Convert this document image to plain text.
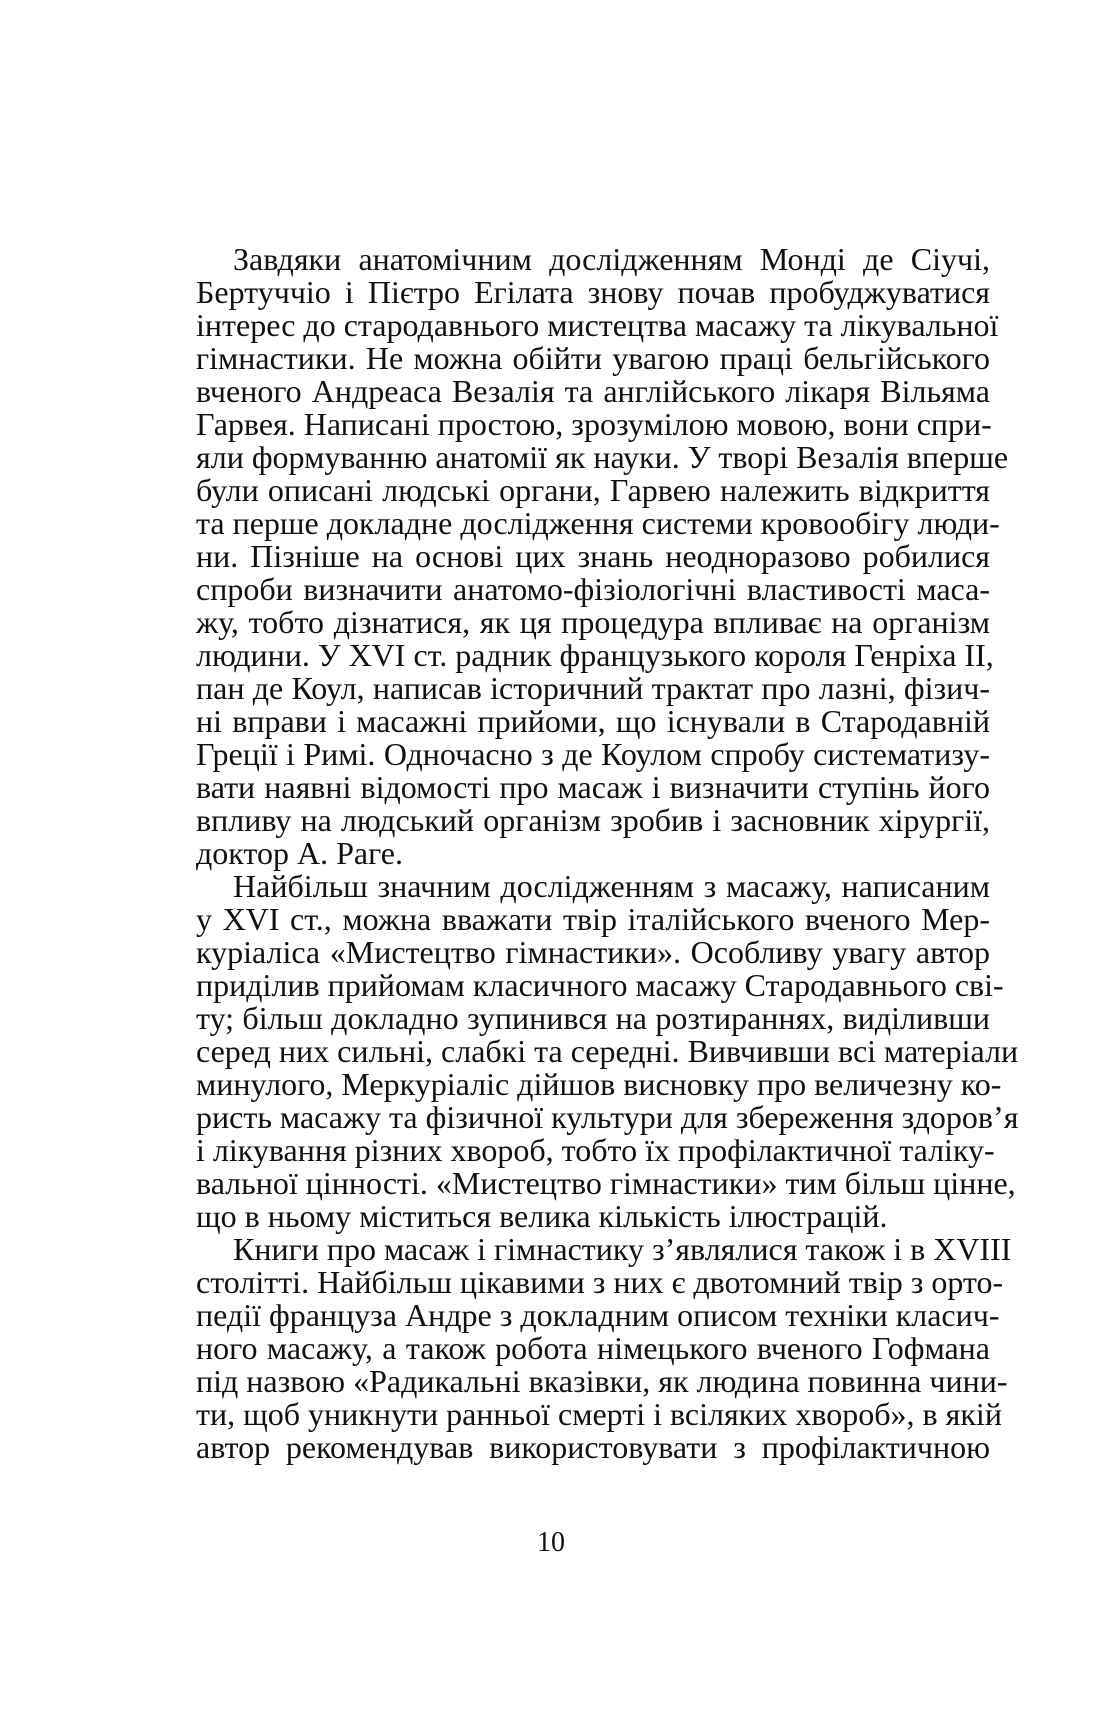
Завдяки анатомічним дослідженням Монді де Сіучі,
Бертуччіо і Пієтро Егілата знову почав пробуджуватися
інтерес до стародавнього мистецтва масажу та лікувальної
гімнастики. Не можна обійти увагою праці бельгійського
вченого Андреаса Везалія та англійського лікаря Вільяма
Гарвея. Написані простою, зрозумілою мовою, вони спри-
яли формуванню анатомії як науки. У творі Везалія вперше
були описані людські органи, Гарвею належить відкриття
та перше докладне дослідження системи кровообігу люди-
ни. Пізніше на основі цих знань неодноразово робилися
спроби визначити анатомо-фізіологічні властивості маса-
жу, тобто дізнатися, як ця процедура впливає на організм
людини. У XVI ст. радник французького короля Генріха II,
пан де Коул, написав історичний трактат про лазні, фізич-
ні вправи і масажні прийоми, що існували в Стародавній
Греції і Римі. Одночасно з де Коулом спробу систематизу-
вати наявні відомості про масаж і визначити ступінь його
впливу на людський організм зробив і засновник хірургії,
доктор А. Раге.
Найбільш значним дослідженням з масажу, написаним
у XVI ст., можна вважати твір італійського вченого Мер-
куріаліса «Мистецтво гімнастики». Особливу увагу автор
приділив прийомам класичного масажу Стародавнього сві-
ту; більш докладно зупинився на розтираннях, виділивши
серед них сильні, слабкі та середні. Вивчивши всі матеріали
минулого, Меркуріаліс дійшов висновку про величезну ко-
ристь масажу та фізичної культури для збереження здоров’я
і лікування різних хвороб, тобто їх профілактичної таліку-
вальної цінності. «Мистецтво гімнастики» тим більш цінне,
що в ньому міститься велика кількість ілюстрацій.
Книги про масаж і гімнастику з’являлися також і в XVIII
столітті. Найбільш цікавими з них є двотомний твір з орто-
педії француза Андре з докладним описом техніки класич-
ного масажу, а також робота німецького вченого Гофмана
під назвою «Радикальні вказівки, як людина повинна чини-
ти, щоб уникнути ранньої смерті і всіляких хвороб», в якій
автор рекомендував використовувати з профілактичною
10
